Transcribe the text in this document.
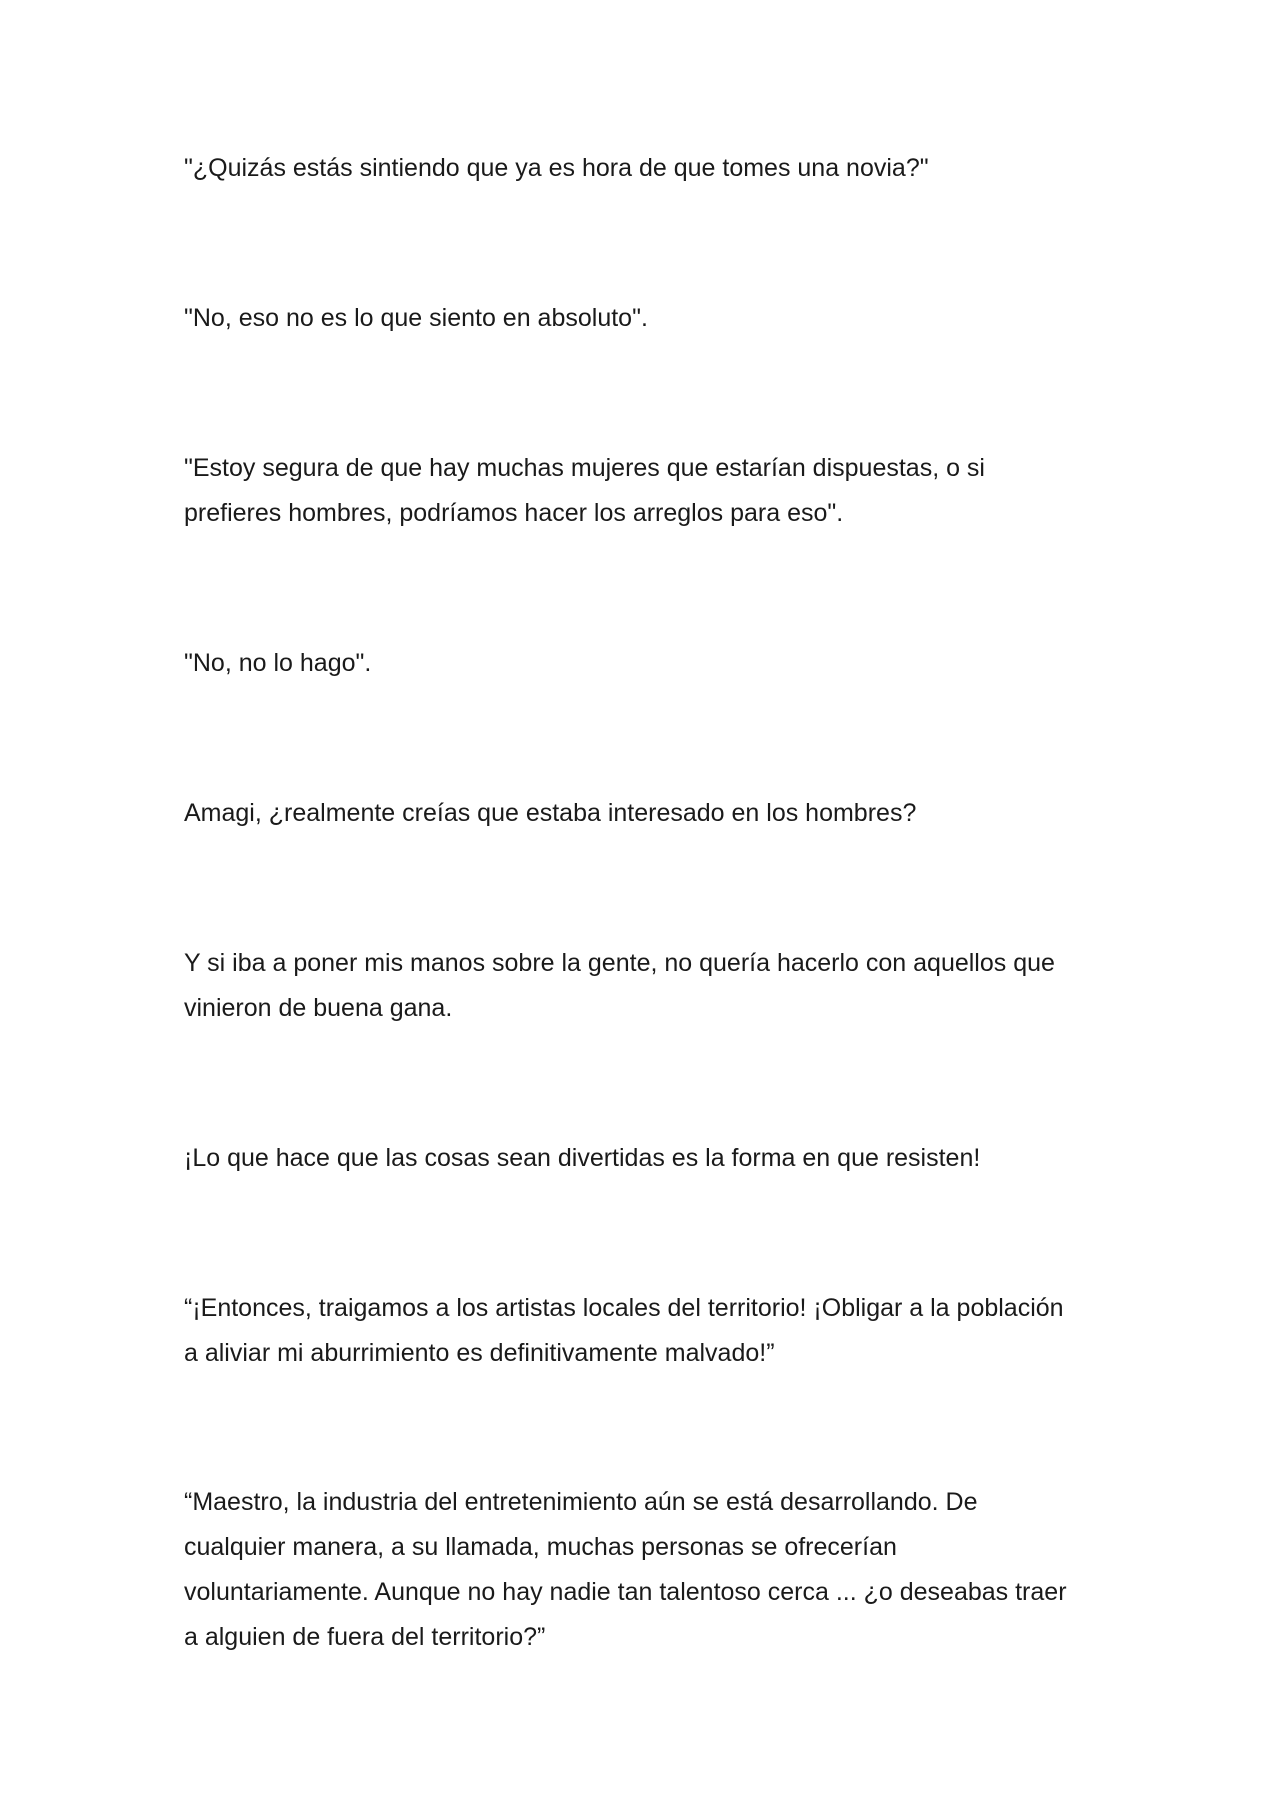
"¿Quizás estás sintiendo que ya es hora de que tomes una novia?"

"No, eso no es lo que siento en absoluto".

"Estoy segura de que hay muchas mujeres que estarían dispuestas, o si
prefieres hombres, podríamos hacer los arreglos para eso".

"No, no lo hago".

Amagi, ¿realmente creías que estaba interesado en los hombres?

Y si iba a poner mis manos sobre la gente, no quería hacerlo con aquellos que
vinieron de buena gana.

¡Lo que hace que las cosas sean divertidas es la forma en que resisten!

“¡Entonces, traigamos a los artistas locales del territorio! ¡Obligar a la población
a aliviar mi aburrimiento es definitivamente malvado!”

“Maestro, la industria del entretenimiento aún se está desarrollando. De
cualquier manera, a su llamada, muchas personas se ofrecerían
voluntariamente. Aunque no hay nadie tan talentoso cerca ... ¿o deseabas traer
a alguien de fuera del territorio?”
